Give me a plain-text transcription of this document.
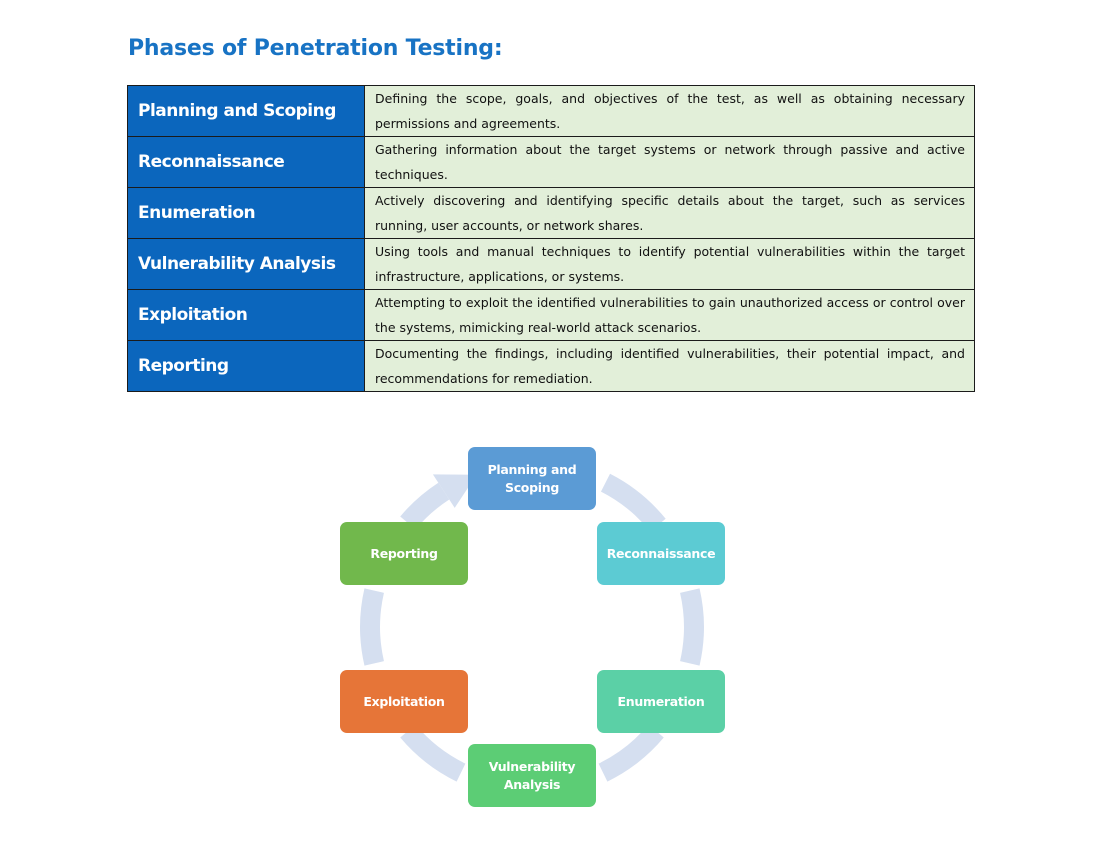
Phases of Penetration Testing:
Planning and Scoping	Defining the scope, goals, and objectives of the test, as well as obtaining necessary permissions and agreements.
Reconnaissance	Gathering information about the target systems or network through passive and active techniques.
Enumeration	Actively discovering and identifying specific details about the target, such as services running, user accounts, or network shares.
Vulnerability Analysis	Using tools and manual techniques to identify potential vulnerabilities within the target infrastructure, applications, or systems.
Exploitation	Attempting to exploit the identified vulnerabilities to gain unauthorized access or control over the systems, mimicking real-world attack scenarios.
Reporting	Documenting the findings, including identified vulnerabilities, their potential impact, and recommendations for remediation.
Planning and
Scoping
Reconnaissance
Enumeration
Vulnerability
Analysis
Exploitation
Reporting
